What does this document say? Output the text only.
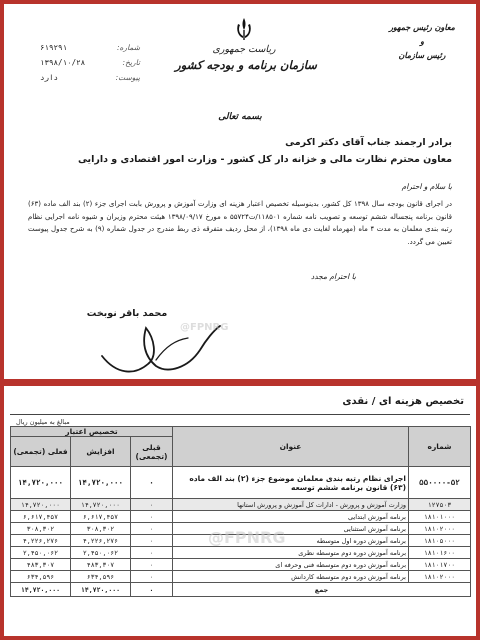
شماره:
۶۱۹۲۹۱
تاریخ:
۱۳۹۸/۱۰/۲۸
پیوست:
دارد
ریاست جمهوری
سازمان برنامه و بودجه کشور
معاون رئیس جمهور
و
رئیس سازمان
بسمه تعالی
برادر ارجمند جناب آقای دکتر اکرمی
معاون محترم نظارت مالی و خزانه دار کل کشور - وزارت امور اقتصادی و دارایی
با سلام و احترام
در اجرای قانون بودجه سال ۱۳۹۸ کل کشور، بدینوسیله تخصیص اعتبار هزینه ای وزارت آموزش و پرورش بابت اجرای جزء (۲) بند الف ماده (۶۳) قانون برنامه پنجساله ششم توسعه و تصویب نامه شماره ۱۱۸۵۰۱/ت۵۵۷۲۴ ه مورخ ۱۳۹۸/۰۹/۱۷ هیئت محترم وزیران و شیوه نامه اجرایی نظام رتبه بندی معلمان به مدت ۴ ماه (مهرماه لغایت دی ماه ۱۳۹۸)، از محل ردیف متفرقه ذی ربط مندرج در جدول شماره (۹) به شرح جدول پیوست تعیین می گردد.
با احترام مجدد
محمد باقر نوبخت
@FPNRG
تخصیص هزینه ای / نقدی
مبالغ به میلیون ریال
شماره	عنوان	تخصیص اعتبار		
		قبلی (تجمعی)	افزایش	فعلی (تجمعی)
۵۵۰۰۰۰-۵۲	اجرای نظام رتبه بندی معلمان موضوع جزء (۲) بند الف ماده (۶۳) قانون برنامه ششم توسعه	۰	۱۴,۷۲۰,۰۰۰	۱۴,۷۲۰,۰۰۰
۱۲۷۵۰۳	وزارت آموزش و پرورش - ادارات کل آموزش و پرورش استانها	۰	۱۴,۷۲۰,۰۰۰	۱۴,۷۲۰,۰۰۰
۱۸۱۰۱۰۰۰	برنامه آموزش ابتدایی	۰	۶,۶۱۷,۴۵۷	۶,۶۱۷,۴۵۷
۱۸۱۰۲۰۰۰	برنامه آموزش استثنایی	۰	۳۰۸,۳۰۲	۳۰۸,۳۰۲
۱۸۱۰۵۰۰۰	برنامه آموزش دوره اول متوسطه	۰	۴,۲۲۶,۲۷۶	۴,۲۲۶,۲۷۶
۱۸۱۰۱۶۰۰	برنامه آموزش دوره دوم متوسطه نظری	۰	۲,۴۵۰,۰۶۲	۲,۴۵۰,۰۶۲
۱۸۱۰۱۷۰۰	برنامه آموزش دوره دوم متوسطه فنی وحرفه ای	۰	۴۸۳,۳۰۷	۴۸۳,۳۰۷
۱۸۱۰۲۰۰۰	برنامه آموزش دوره دوم متوسطه کاردانش	۰	۶۳۴,۵۹۶	۶۳۴,۵۹۶
جمع		۰	۱۴,۷۲۰,۰۰۰	۱۴,۷۲۰,۰۰۰
@FPNRG
